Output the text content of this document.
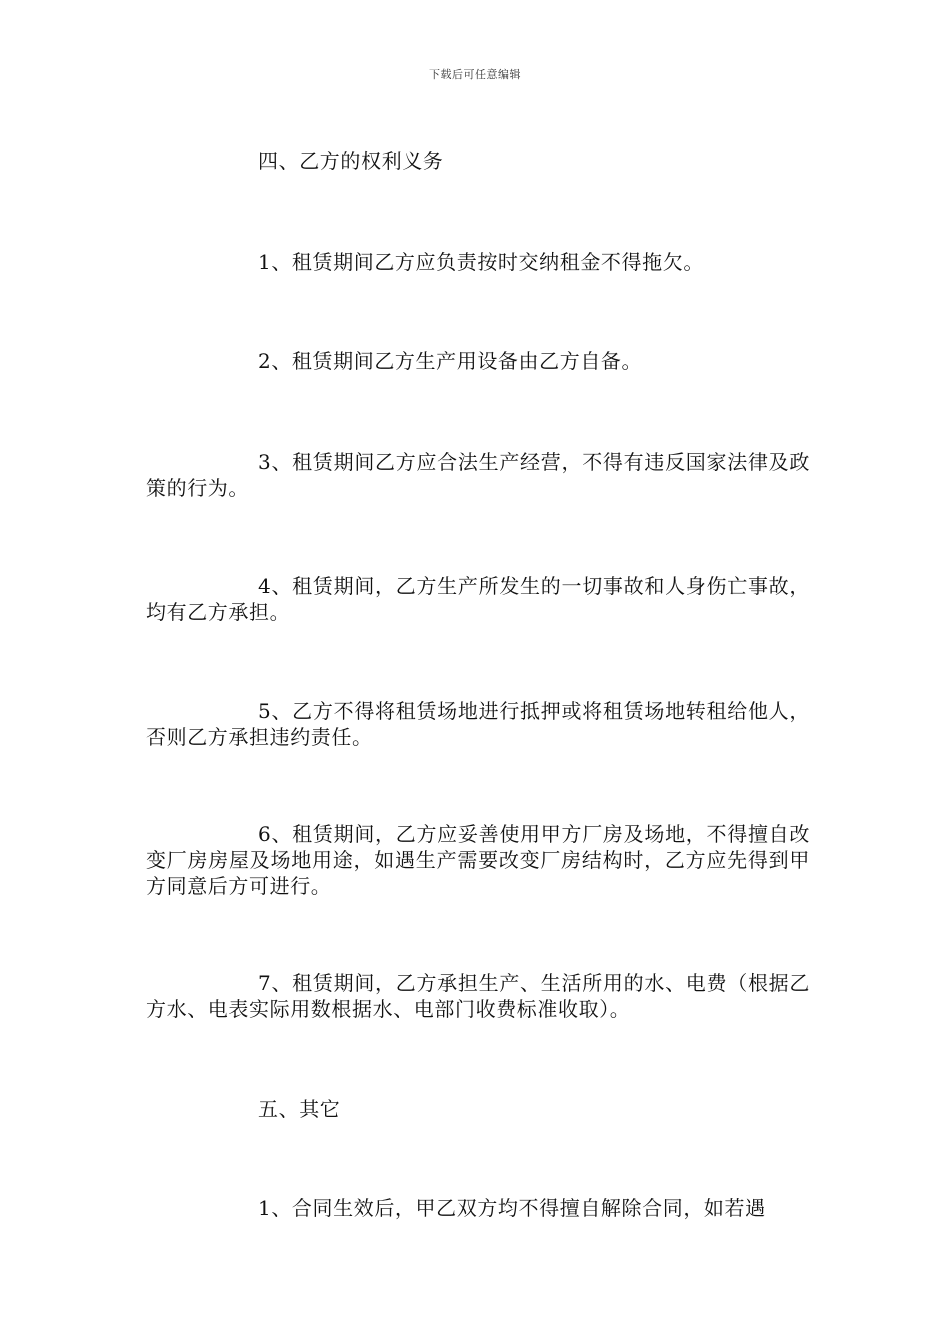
下载后可任意编辑

四、乙方的权利义务

1、租赁期间乙方应负责按时交纳租金不得拖欠。

2、租赁期间乙方生产用设备由乙方自备。

3、租赁期间乙方应合法生产经营，不得有违反国家法律及政策的行为。

4、租赁期间，乙方生产所发生的一切事故和人身伤亡事故，均有乙方承担。

5、乙方不得将租赁场地进行抵押或将租赁场地转租给他人，否则乙方承担违约责任。

6、租赁期间，乙方应妥善使用甲方厂房及场地，不得擅自改变厂房房屋及场地用途，如遇生产需要改变厂房结构时，乙方应先得到甲方同意后方可进行。

7、租赁期间，乙方承担生产、生活所用的水、电费（根据乙方水、电表实际用数根据水、电部门收费标准收取）。

五、其它

1、合同生效后，甲乙双方均不得擅自解除合同，如若遇
